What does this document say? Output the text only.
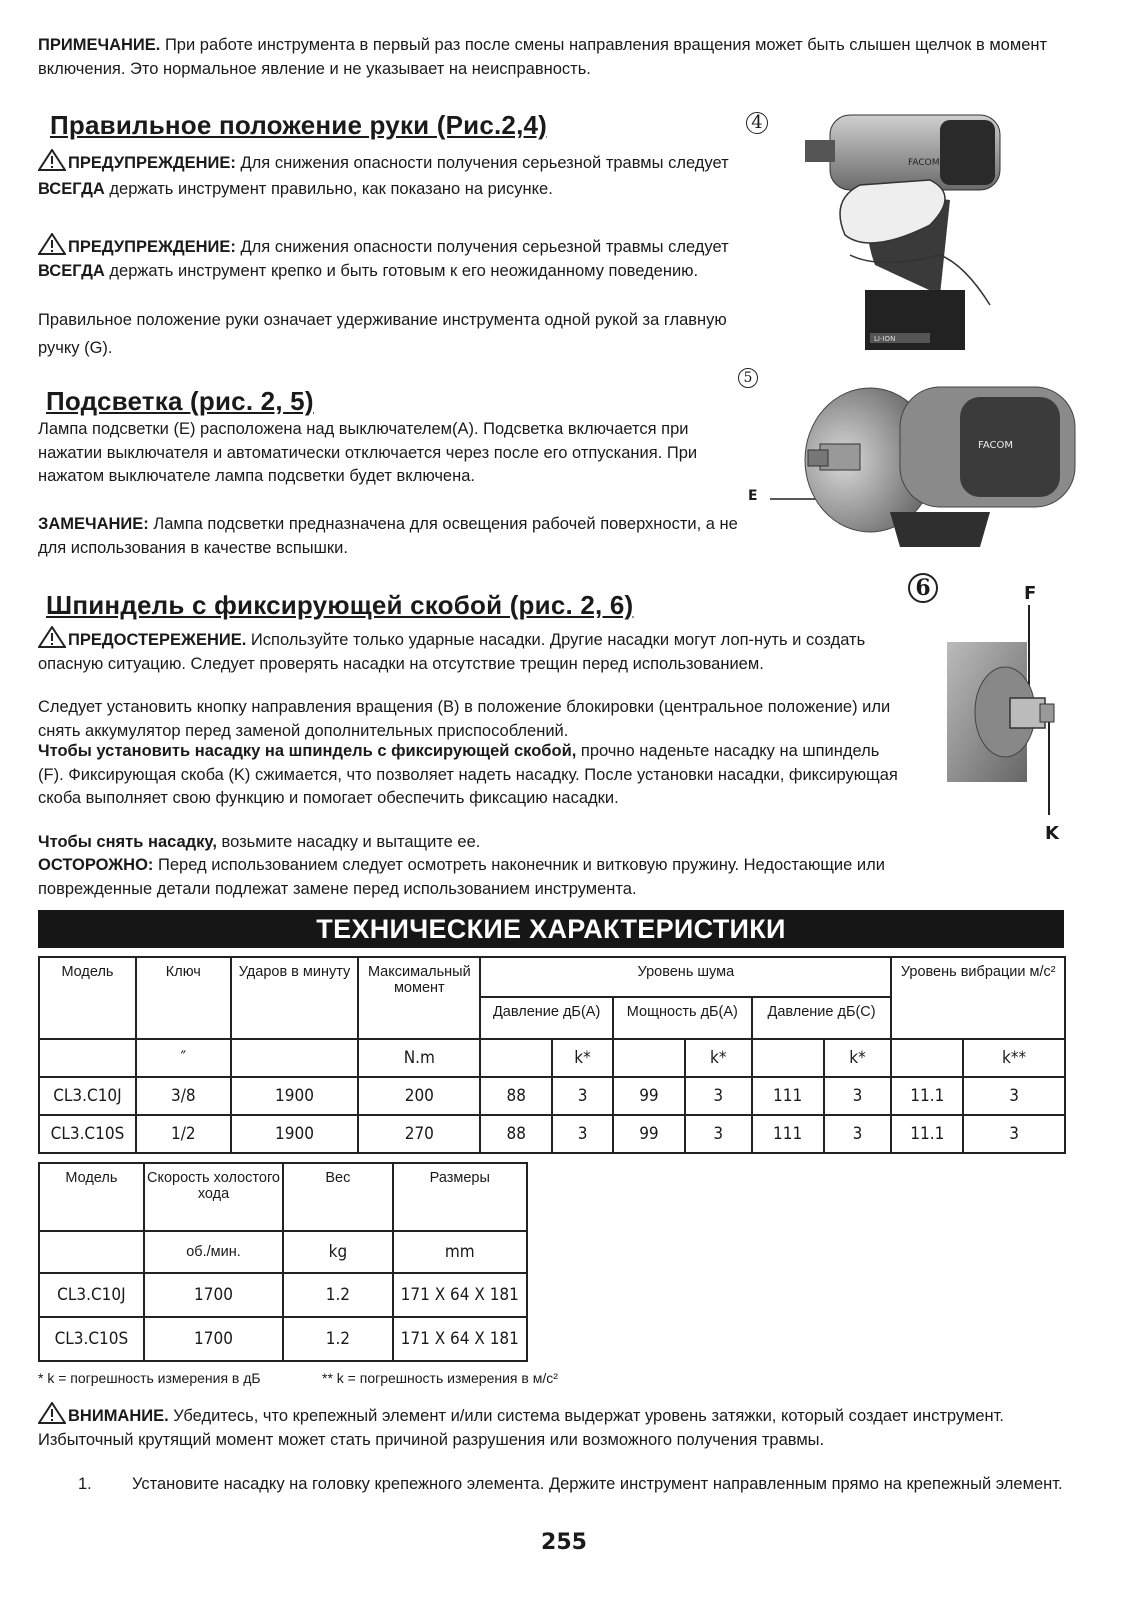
ПРИМЕЧАНИЕ. При работе инструмента в первый раз после смены направления вращения может быть слышен щелчок в момент включения. Это нормальное явление и не указывает на неисправность.

Правильное положение руки (Рис.2,4)

ПРЕДУПРЕЖДЕНИЕ: Для снижения опасности получения серьезной травмы следует ВСЕГДА держать инструмент правильно, как показано на рисунке.

ПРЕДУПРЕЖДЕНИЕ: Для снижения опасности получения серьезной травмы следует ВСЕГДА держать инструмент крепко и быть готовым к его неожиданному поведению.

Правильное положение руки означает удерживание инструмента одной рукой за главную ручку (G).

4
FACOM
LI-ION
Подсветка (рис. 2, 5)

Лампа подсветки (E) расположена над выключателем(A). Подсветка включается при нажатии выключателя и автоматически отключается через после его отпускания. При нажатом выключателе лампа подсветки будет включена.

ЗАМЕЧАНИЕ: Лампа подсветки предназначена для освещения рабочей поверхности, а не для использования в качестве вспышки.

5
E
FACOM
Шпиндель с фиксирующей скобой (рис. 2, 6)

ПРЕДОСТЕРЕЖЕНИЕ. Используйте только ударные насадки. Другие насадки могут лоп-нуть и создать опасную ситуацию. Следует проверять насадки на отсутствие трещин перед использованием.

Следует установить кнопку направления вращения (B) в положение блокировки (центральное положение) или снять аккумулятор перед заменой дополнительных приспособлений.

Чтобы установить насадку на шпиндель с фиксирующей скобой, прочно наденьте насадку на шпиндель (F). Фиксирующая скоба (K) сжимается, что позволяет надеть насадку. После установки насадки, фиксирующая скоба выполняет свою функцию и помогает обеспечить фиксацию насадки.

Чтобы снять насадку, возьмите насадку и вытащите ее.

ОСТОРОЖНО: Перед использованием следует осмотреть наконечник и витковую пружину. Недостающие или поврежденные детали подлежат замене перед использованием инструмента.

6	F
K
ТЕХНИЧЕСКИЕ ХАРАКТЕРИСТИКИ
Модель	Ключ	Ударов в минуту	Максимальный момент	Уровень шума						Уровень вибрации м/с²	
				Давление дБ(А)		Мощность дБ(А)		Давление дБ(С)			
	″		N.m		k*		k*		k*		k**
CL3.C10J	3/8	1900	200	88	3	99	3	111	3	11.1	3
CL3.C10S	1/2	1900	270	88	3	99	3	111	3	11.1	3
Модель	Скорость холостого хода	Вес	Размеры
	об./мин.	kg	mm
CL3.C10J	1700	1.2	171 X 64 X 181
CL3.C10S	1700	1.2	171 X 64 X 181
* k = погрешность измерения в дБ	** k = погрешность измерения в м/с²

ВНИМАНИЕ. Убедитесь, что крепежный элемент и/или система выдержат уровень затяжки, который создает инструмент. Избыточный крутящий момент может стать причиной разрушения или возможного получения травмы.

1. Установите насадку на головку крепежного элемента. Держите инструмент направленным прямо на крепежный элемент.
255
